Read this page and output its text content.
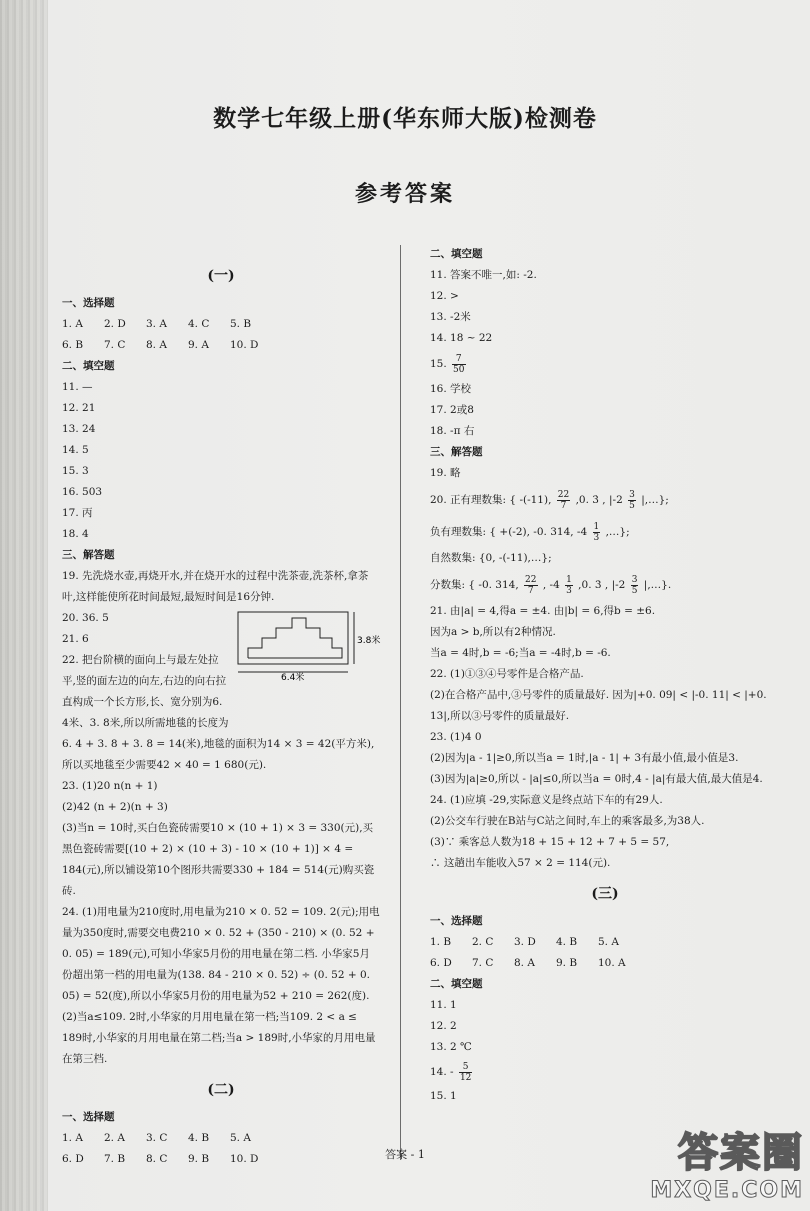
数学七年级上册(华东师大版)检测卷
参考答案
(一)
一、选择题
1. A 2. D 3. A 4. C 5. B
6. B 7. C 8. A 9. A 10. D
二、填空题
11. —
12. 21
13. 24
14. 5
15. 3
16. 503
17. 丙
18. 4
三、解答题
19. 先洗烧水壶,再烧开水,并在烧开水的过程中洗茶壶,洗茶杯,拿茶叶,这样能使所花时间最短,最短时间是16分钟.
20. 36. 5
21. 6
22. 把台阶横的面向上与最左处拉平,竖的面左边的向左,右边的向右拉直构成一个长方形,长、宽分别为6. 4米、3. 8米,所以所需地毯的长度为6. 4 + 3. 8 + 3. 8 = 14(米),地毯的面积为14 × 3 = 42(平方米),所以买地毯至少需要42 × 40 = 1 680(元).
23. (1)20 n(n + 1)
(2)42 (n + 2)(n + 3)
(3)当n = 10时,买白色瓷砖需要10 × (10 + 1) × 3 = 330(元),买黑色瓷砖需要[(10 + 2) × (10 + 3) - 10 × (10 + 1)] × 4 = 184(元),所以铺设第10个图形共需要330 + 184 = 514(元)购买瓷砖.
24. (1)用电量为210度时,用电量为210 × 0. 52 = 109. 2(元);用电量为350度时,需要交电费210 × 0. 52 + (350 - 210) × (0. 52 + 0. 05) = 189(元),可知小华家5月份的用电量在第二档. 小华家5月份超出第一档的用电量为(138. 84 - 210 × 0. 52) ÷ (0. 52 + 0. 05) = 52(度),所以小华家5月份的用电量为52 + 210 = 262(度).
(2)当a≤109. 2时,小华家的月用电量在第一档;当109. 2 < a ≤ 189时,小华家的月用电量在第二档;当a > 189时,小华家的月用电量在第三档.
(二)
一、选择题
1. A 2. A 3. C 4. B 5. A
6. D 7. B 8. C 9. B 10. D
3.8米
6.4米
二、填空题
11. 答案不唯一,如: -2.
12. >
13. -2米
14. 18 ~ 22
15. $\frac{7}{50}$
16. 学校
17. 2或8
18. -π 右
三、解答题
19. 略
20. 正有理数集: { -(-11), $\frac{22}{7} ,0$. 3̇ , $|-2 \frac{3}{5}$ |,…};
负有理数集: { +(-2), -0. 314, $-4 \frac{1}{3}$ ,…};
自然数集: {0, -(-11),…};
分数集: { -0. 314, $\frac{22}{7}$ , $-4 \frac{1}{3} ,0$. 3̇ , $|-2 \frac{3}{5}$ |,…}.
21. 由|a| = 4,得a = ±4. 由|b| = 6,得b = ±6.
因为a > b,所以有2种情况.
当a = 4时,b = -6;当a = -4时,b = -6.
22. (1)①③④号零件是合格产品.
(2)在合格产品中,③号零件的质量最好. 因为|+0. 09| < |-0. 11| < |+0. 13|,所以③号零件的质量最好.
23. (1)4 0
(2)因为|a - 1|≥0,所以当a = 1时,|a - 1| + 3有最小值,最小值是3.
(3)因为|a|≥0,所以 - |a|≤0,所以当a = 0时,4 - |a|有最大值,最大值是4.
24. (1)应填 -29,实际意义是终点站下车的有29人.
(2)公交车行驶在B站与C站之间时,车上的乘客最多,为38人.
(3)∵ 乘客总人数为18 + 15 + 12 + 7 + 5 = 57,
∴ 这趟出车能收入57 × 2 = 114(元).
(三)
一、选择题
1. B 2. C 3. D 4. B 5. A
6. D 7. C 8. A 9. B 10. A
二、填空题
11. 1
12. 2
13. 2 ℃
14. - $\frac{5}{12}$
15. 1
答案 - 1	答案圈
MXQE.COM
